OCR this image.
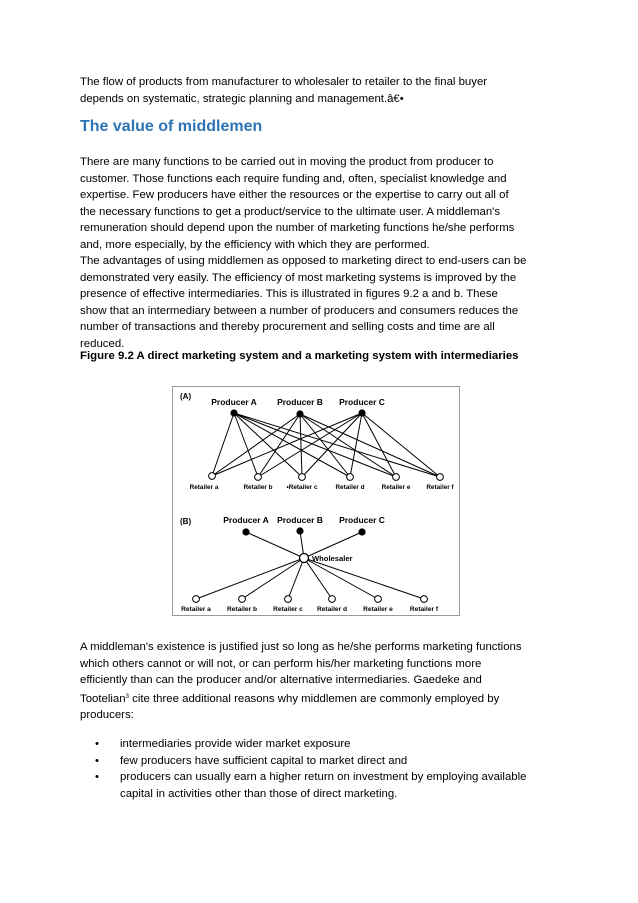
The flow of products from manufacturer to wholesaler to retailer to the final buyer
depends on systematic, strategic planning and management.â€•

The value of middlemen

There are many functions to be carried out in moving the product from producer to
customer. Those functions each require funding and, often, specialist knowledge and
expertise. Few producers have either the resources or the expertise to carry out all of
the necessary functions to get a product/service to the ultimate user. A middleman's
remuneration should depend upon the number of marketing functions he/she performs
and, more especially, by the efficiency with which they are performed.

The advantages of using middlemen as opposed to marketing direct to end-users can be
demonstrated very easily. The efficiency of most marketing systems is improved by the
presence of effective intermediaries. This is illustrated in figures 9.2 a and b. These
show that an intermediary between a number of producers and consumers reduces the
number of transactions and thereby procurement and selling costs and time are all
reduced.

Figure 9.2 A direct marketing system and a marketing system with intermediaries

(A)
Producer A Producer B Producer C
Retailer a	Retailer b •Retailer c	Retailer d	Retailer e Retailer f
(B)	Producer A Producer B Producer C
Wholesaler
Retailer a Retailer b Retailer c Retailer d Retailer e	Retailer f

A middleman's existence is justified just so long as he/she performs marketing functions
which others cannot or will not, or can perform his/her marketing functions more
efficiently than can the producer and/or alternative intermediaries. Gaedeke and
Tootelian$^3$ cite three additional reasons why middlemen are commonly employed by
producers:

• intermediaries provide wider market exposure
• few producers have sufficient capital to market direct and
• producers can usually earn a higher return on investment by employing available
capital in activities other than those of direct marketing.
